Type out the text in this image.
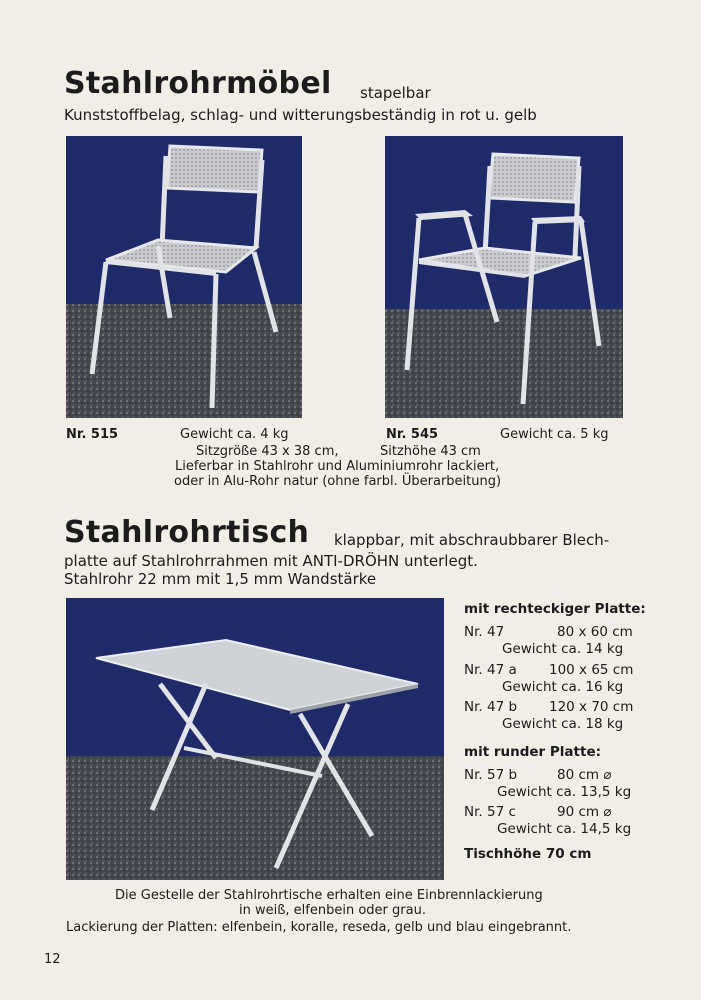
Stahlrohrmöbel stapelbar
Kunststoffbelag, schlag- und witterungsbeständig in rot u. gelb
Nr. 515	Gewicht ca. 4 kg	Nr. 545	Gewicht ca. 5 kg
Sitzgröße 43 x 38 cm,	Sitzhöhe 43 cm
Lieferbar in Stahlrohr und Aluminiumrohr lackiert,
oder in Alu-Rohr natur (ohne farbl. Überarbeitung)
Stahlrohrtisch klappbar, mit abschraubbarer Blech-
platte auf Stahlrohrrahmen mit ANTI-DRÖHN unterlegt.
Stahlrohr 22 mm mit 1,5 mm Wandstärke
mit rechteckiger Platte:
Nr. 47	80 x 60 cm
Gewicht ca. 14 kg
Nr. 47 a 100 x 65 cm
Gewicht ca. 16 kg
Nr. 47 b 120 x 70 cm
Gewicht ca. 18 kg
mit runder Platte:
Nr. 57 b	80 cm ⌀
Gewicht ca. 13,5 kg
Nr. 57 c	90 cm ⌀
Gewicht ca. 14,5 kg
Tischhöhe 70 cm
Die Gestelle der Stahlrohrtische erhalten eine Einbrennlackierung
in weiß, elfenbein oder grau.
Lackierung der Platten: elfenbein, koralle, reseda, gelb und blau eingebrannt.
12
